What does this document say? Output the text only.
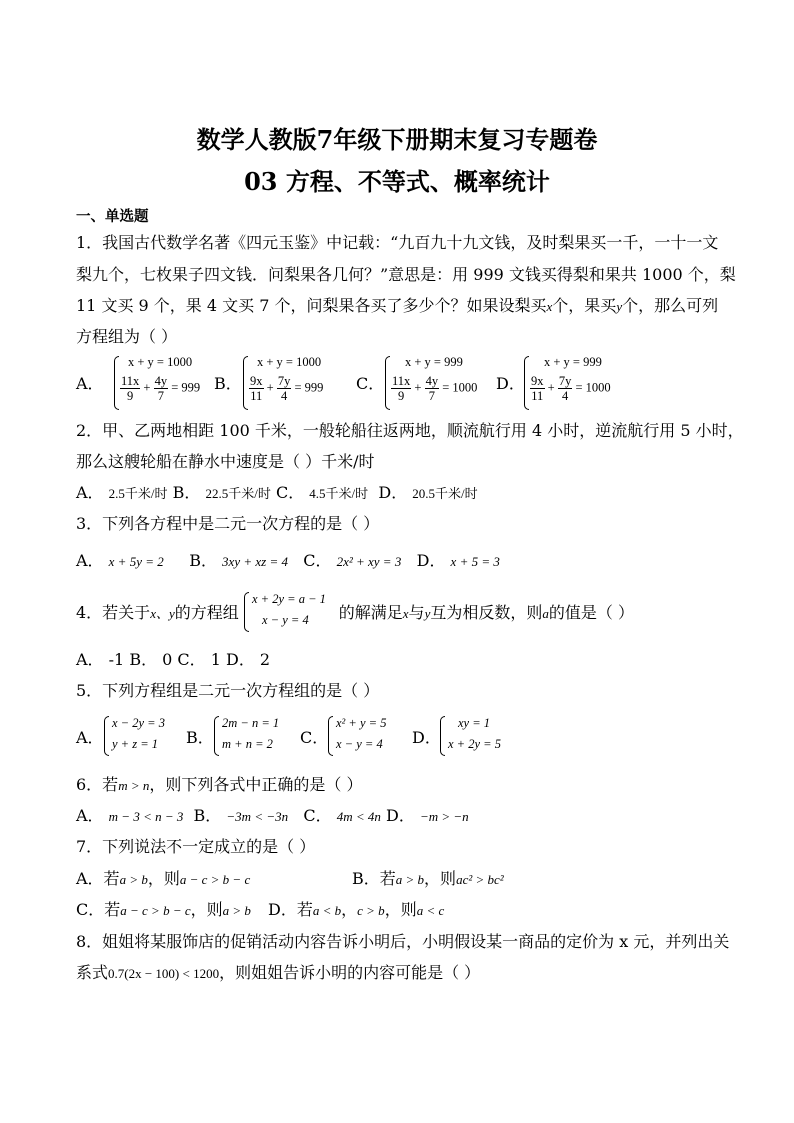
数学人教版7年级下册期末复习专题卷
03 方程、不等式、概率统计
一、单选题
1．我国古代数学名著《四元玉鉴》中记载：“九百九十九文钱，及时梨果买一千，一十一文
梨九个，七枚果子四文钱．问梨果各几何？”意思是：用 999 文钱买得梨和果共 1000 个，梨
11 文买 9 个，果 4 文买 7 个，问梨果各买了多少个？如果设梨买x个，果买y个，那么可列
方程组为（ ）
A．
x + y = 1000
$\frac{11x}{9} + \frac{4y}{7} = 999$ B．
x + y = 1000
$\frac{9x}{11} + \frac{7y}{4} = 999$ C．
x + y = 999
$\frac{11x}{9} + \frac{4y}{7} = 1000$ D．
x + y = 999
$\frac{9x}{11} + \frac{7y}{4} = 1000$
2．甲、乙两地相距 100 千米，一般轮船往返两地，顺流航行用 4 小时，逆流航行用 5 小时，
那么这艘轮船在静水中速度是（ ）千米/时
A． 2.5千米/时 B． 22.5千米/时 C． 4.5千米/时 D． 20.5千米/时
3．下列各方程中是二元一次方程的是（ ）
A． x + 5y = 2 B． 3xy + xz = 4 C． 2x² + xy = 3 D． x + 5 = 3
4．若关于x、y的方程组	的解满足x与y互为相反数，则a的值是（ ）
x + 2y = a − 1
x − y = 4
A． -1 B． 0 C． 1 D． 2
5．下列方程组是二元一次方程组的是（ ）
A．
x − 2y = 3
y + z = 1 B．
2m − n = 1
m + n = 2 C．
x² + y = 5
x − y = 4 D．
xy = 1
x + 2y = 5
6．若m > n，则下列各式中正确的是（ ）
A． m − 3 < n − 3 B． −3m < −3n C． 4m < 4n D． −m > −n
7．下列说法不一定成立的是（ ）
A．若a > b，则a − c > b − c	B．若a > b，则ac² > bc²
C．若a − c > b − c，则a > b D．若a < b，c > b，则a < c
8．姐姐将某服饰店的促销活动内容告诉小明后，小明假设某一商品的定价为 x 元，并列出关
系式0.7(2x − 100) < 1200，则姐姐告诉小明的内容可能是（ ）
